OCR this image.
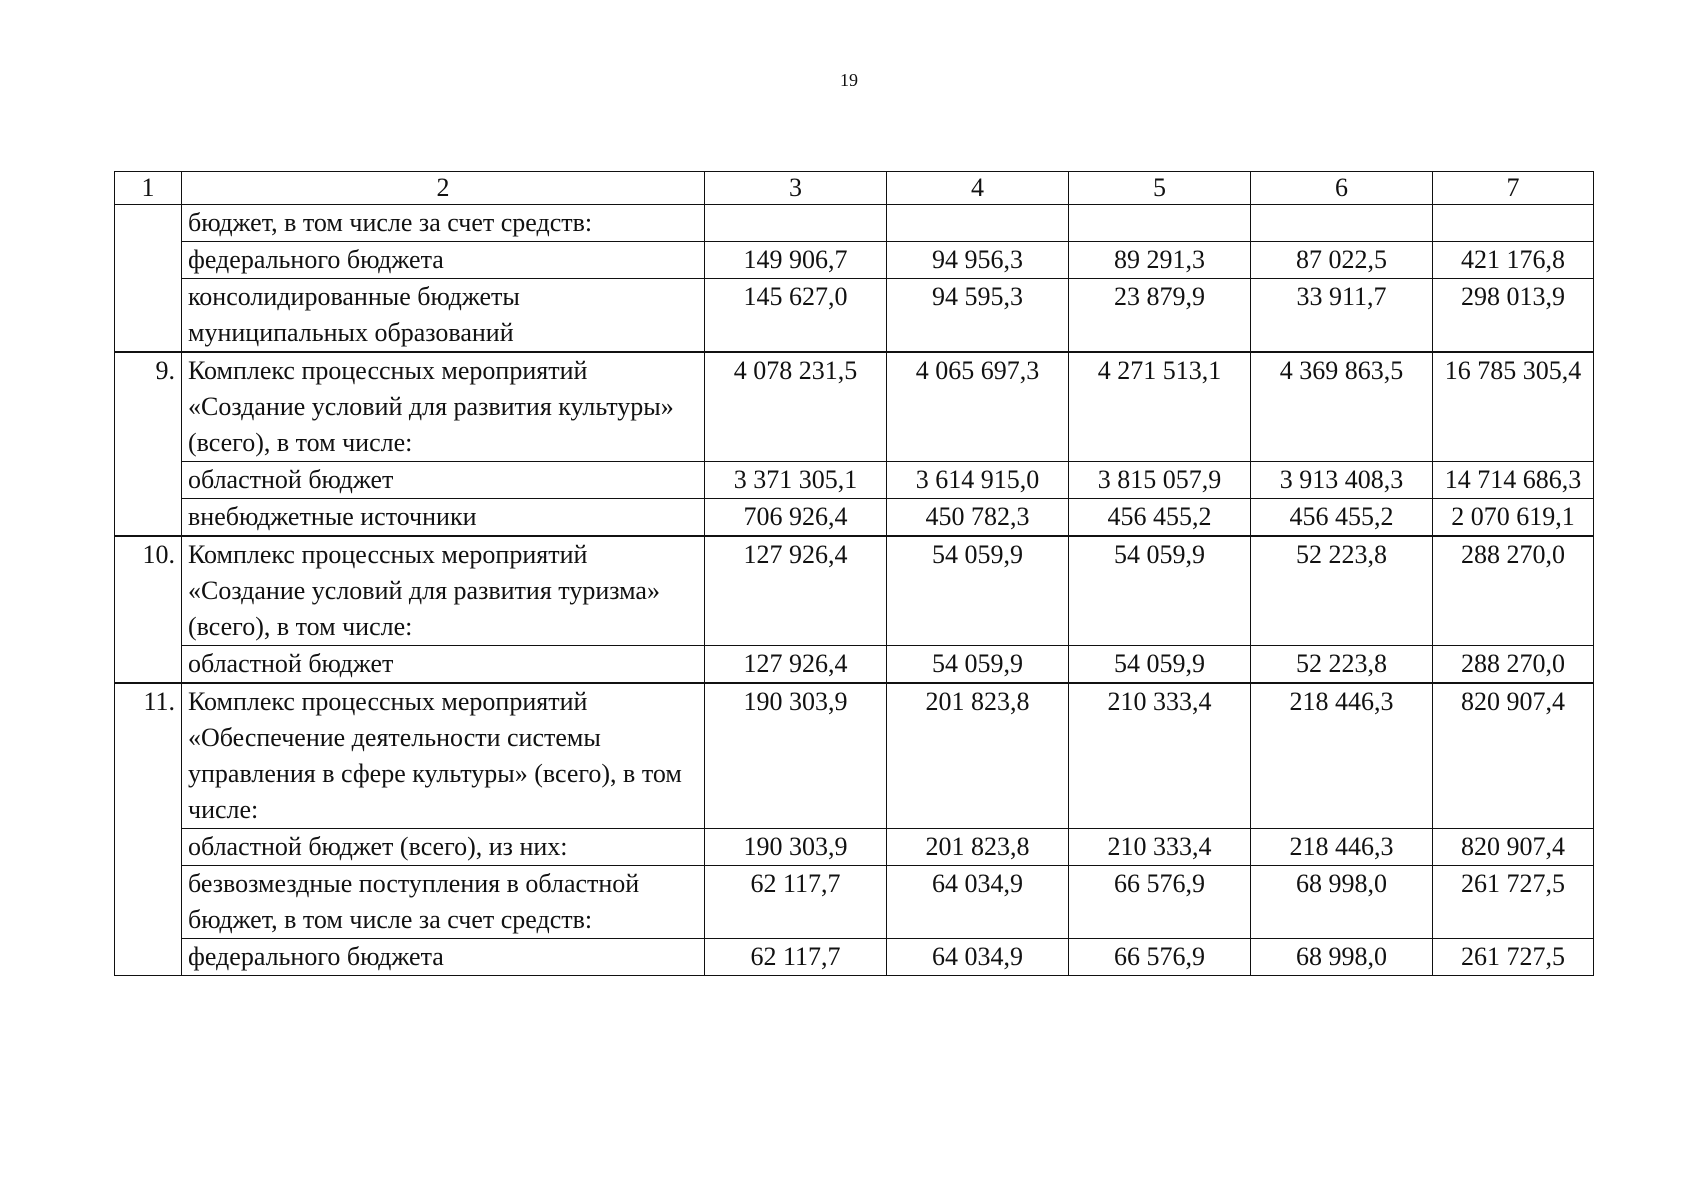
19
1	2	3	4	5	6	7
	бюджет, в том числе за счет средств:					
	федерального бюджета	149 906,7	94 956,3	89 291,3	87 022,5	421 176,8
	консолидированные бюджеты муниципальных образований	145 627,0	94 595,3	23 879,9	33 911,7	298 013,9
9.	Комплекс процессных мероприятий «Создание условий для развития культуры» (всего), в том числе:	4 078 231,5	4 065 697,3	4 271 513,1	4 369 863,5	16 785 305,4
	областной бюджет	3 371 305,1	3 614 915,0	3 815 057,9	3 913 408,3	14 714 686,3
	внебюджетные источники	706 926,4	450 782,3	456 455,2	456 455,2	2 070 619,1
10.	Комплекс процессных мероприятий «Создание условий для развития туризма» (всего), в том числе:	127 926,4	54 059,9	54 059,9	52 223,8	288 270,0
	областной бюджет	127 926,4	54 059,9	54 059,9	52 223,8	288 270,0
11.	Комплекс процессных мероприятий «Обеспечение деятельности системы управления в сфере культуры» (всего), в том числе:	190 303,9	201 823,8	210 333,4	218 446,3	820 907,4
	областной бюджет (всего), из них:	190 303,9	201 823,8	210 333,4	218 446,3	820 907,4
	безвозмездные поступления в областной бюджет, в том числе за счет средств:	62 117,7	64 034,9	66 576,9	68 998,0	261 727,5
	федерального бюджета	62 117,7	64 034,9	66 576,9	68 998,0	261 727,5
